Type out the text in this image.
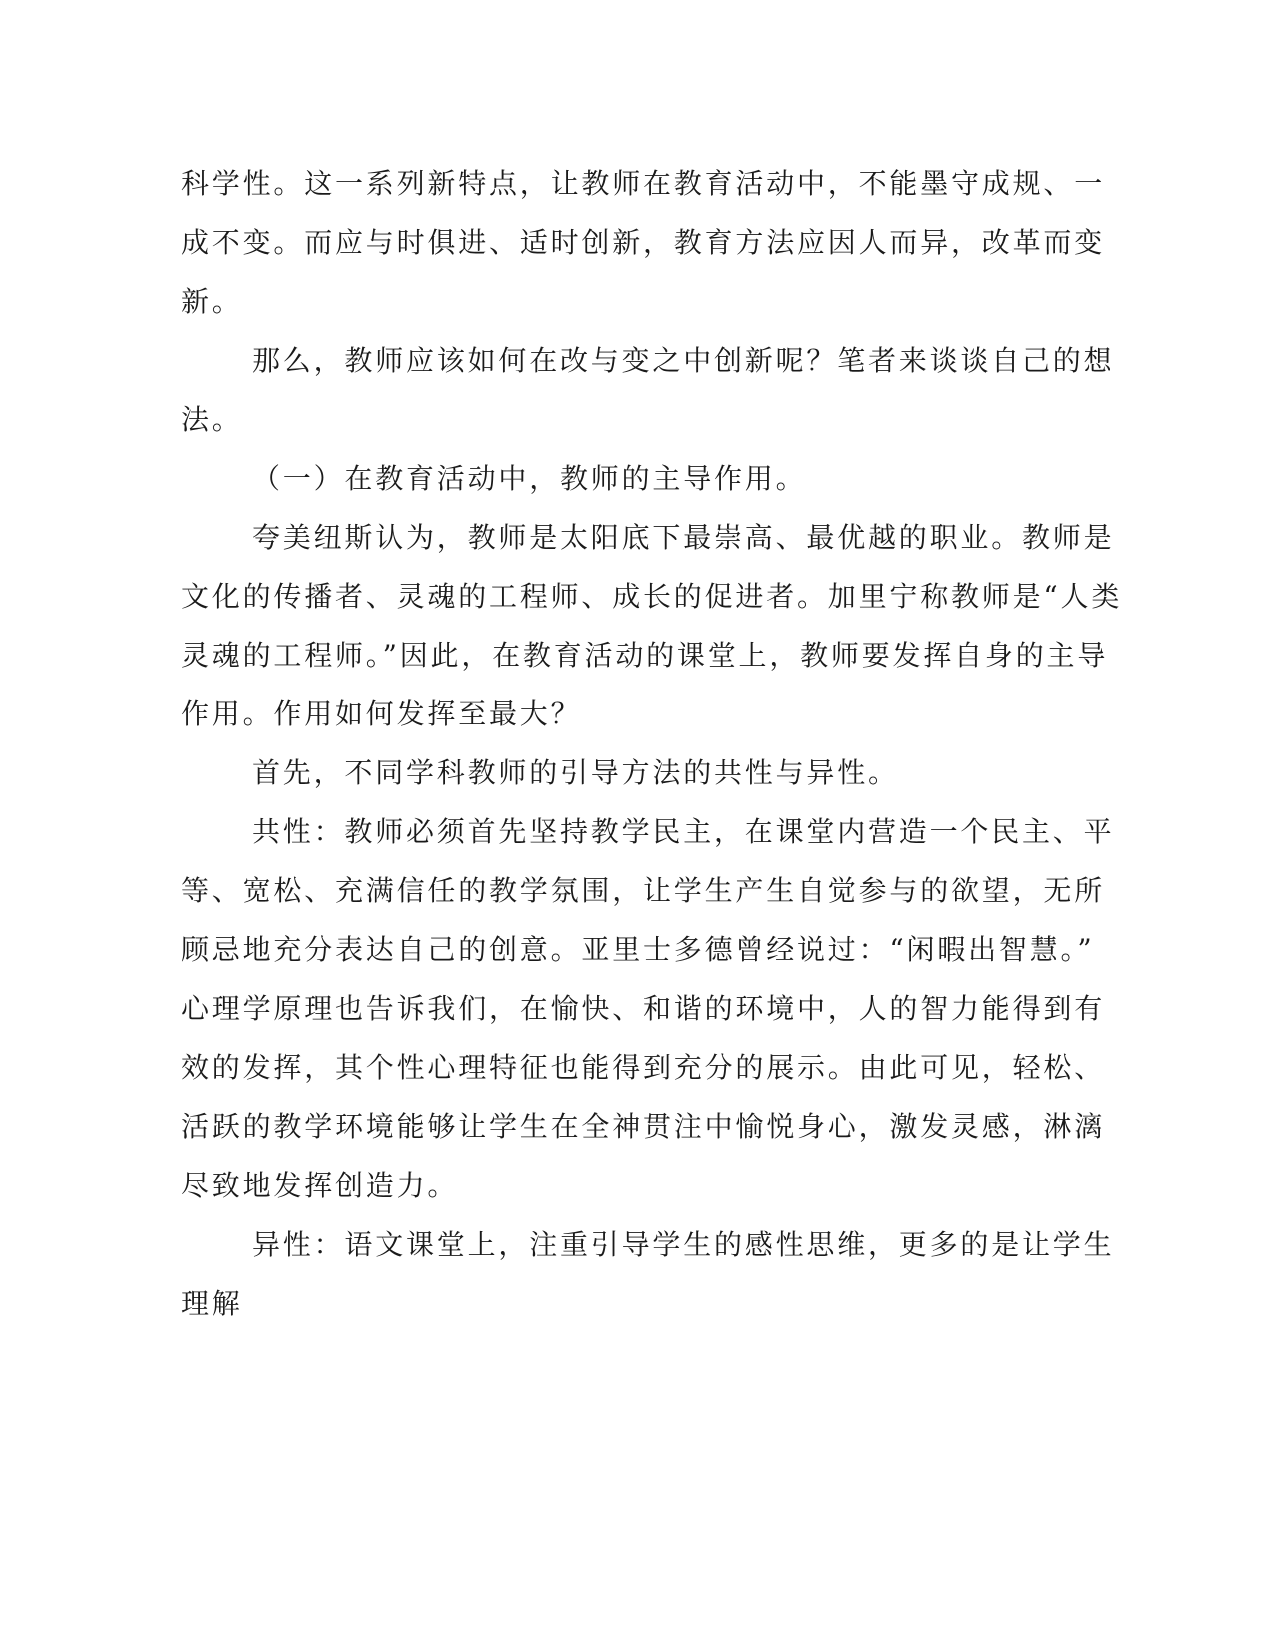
科学性。这一系列新特点，让教师在教育活动中，不能墨守成规、一
成不变。而应与时俱进、适时创新，教育方法应因人而异，改革而变
新。
那么，教师应该如何在改与变之中创新呢？笔者来谈谈自己的想
法。
（一）在教育活动中，教师的主导作用。
夸美纽斯认为，教师是太阳底下最崇高、最优越的职业。教师是
文化的传播者、灵魂的工程师、成长的促进者。加里宁称教师是“人类
灵魂的工程师。”因此，在教育活动的课堂上，教师要发挥自身的主导
作用。作用如何发挥至最大？
首先，不同学科教师的引导方法的共性与异性。
共性：教师必须首先坚持教学民主，在课堂内营造一个民主、平
等、宽松、充满信任的教学氛围，让学生产生自觉参与的欲望，无所
顾忌地充分表达自己的创意。亚里士多德曾经说过：“闲暇出智慧。”
心理学原理也告诉我们，在愉快、和谐的环境中，人的智力能得到有
效的发挥，其个性心理特征也能得到充分的展示。由此可见，轻松、
活跃的教学环境能够让学生在全神贯注中愉悦身心，激发灵感，淋漓
尽致地发挥创造力。
异性：语文课堂上，注重引导学生的感性思维，更多的是让学生
理解
